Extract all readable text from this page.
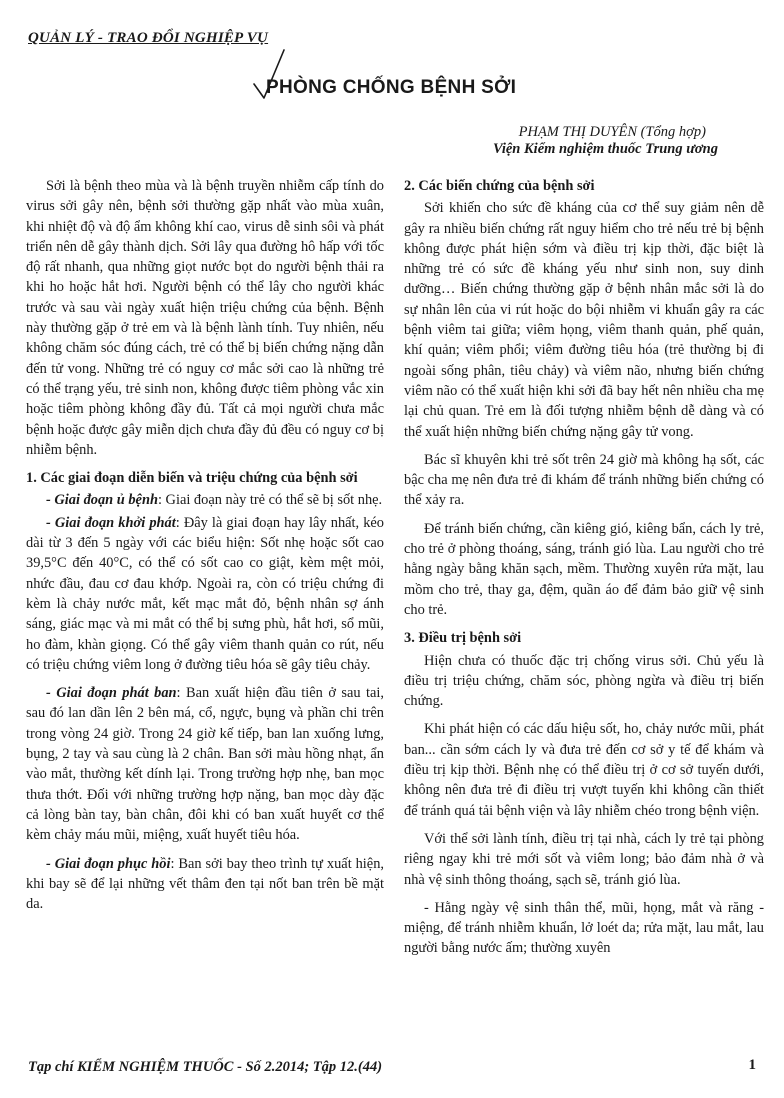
QUẢN LÝ - TRAO ĐỔI NGHIỆP VỤ
PHÒNG CHỐNG BỆNH SỞI
PHẠM THỊ DUYÊN (Tổng hợp)
Viện Kiểm nghiệm thuốc Trung ương

Sởi là bệnh theo mùa và là bệnh truyền nhiễm cấp tính do virus sởi gây nên, bệnh sởi thường gặp nhất vào mùa xuân, khi nhiệt độ và độ ẩm không khí cao, virus dễ sinh sôi và phát triển nên dễ gây thành dịch. Sởi lây qua đường hô hấp với tốc độ rất nhanh, qua những giọt nước bọt do người bệnh thải ra khi ho hoặc hắt hơi. Người bệnh có thể lây cho người khác trước và sau vài ngày xuất hiện triệu chứng của bệnh. Bệnh này thường gặp ở trẻ em và là bệnh lành tính. Tuy nhiên, nếu không chăm sóc đúng cách, trẻ có thể bị biến chứng nặng dẫn đến tử vong. Những trẻ có nguy cơ mắc sởi cao là những trẻ có thể trạng yếu, trẻ sinh non, không được tiêm phòng vắc xin hoặc tiêm phòng không đầy đủ. Tất cả mọi người chưa mắc bệnh hoặc được gây miễn dịch chưa đầy đủ đều có nguy cơ bị nhiễm bệnh.

1. Các giai đoạn diễn biến và triệu chứng của bệnh sởi

- Giai đoạn ủ bệnh: Giai đoạn này trẻ có thể sẽ bị sốt nhẹ.

- Giai đoạn khởi phát: Đây là giai đoạn hay lây nhất, kéo dài từ 3 đến 5 ngày với các biểu hiện: Sốt nhẹ hoặc sốt cao 39,5°C đến 40°C, có thể có sốt cao co giật, kèm mệt mỏi, nhức đầu, đau cơ đau khớp. Ngoài ra, còn có triệu chứng đi kèm là chảy nước mắt, kết mạc mắt đỏ, bệnh nhân sợ ánh sáng, giác mạc và mi mắt có thể bị sưng phù, hắt hơi, sổ mũi, ho đàm, khàn giọng. Có thể gây viêm thanh quản co rút, nếu có triệu chứng viêm long ở đường tiêu hóa sẽ gây tiêu chảy.

- Giai đoạn phát ban: Ban xuất hiện đầu tiên ở sau tai, sau đó lan dần lên 2 bên má, cổ, ngực, bụng và phần chi trên trong vòng 24 giờ. Trong 24 giờ kế tiếp, ban lan xuống lưng, bụng, 2 tay và sau cùng là 2 chân. Ban sởi màu hồng nhạt, ẩn vào mắt, thường kết dính lại. Trong trường hợp nhẹ, ban mọc thưa thớt. Đối với những trường hợp nặng, ban mọc dày đặc cả lòng bàn tay, bàn chân, đôi khi có ban xuất huyết cơ thể kèm chảy máu mũi, miệng, xuất huyết tiêu hóa.

- Giai đoạn phục hồi: Ban sởi bay theo trình tự xuất hiện, khi bay sẽ để lại những vết thâm đen tại nốt ban trên bề mặt da.

2. Các biến chứng của bệnh sởi

Sởi khiến cho sức đề kháng của cơ thể suy giảm nên dễ gây ra nhiều biến chứng rất nguy hiểm cho trẻ nếu trẻ bị bệnh không được phát hiện sớm và điều trị kịp thời, đặc biệt là những trẻ có sức đề kháng yếu như sinh non, suy dinh dưỡng… Biến chứng thường gặp ở bệnh nhân mắc sởi là do sự nhân lên của vi rút hoặc do bội nhiễm vi khuẩn gây ra các bệnh viêm tai giữa; viêm họng, viêm thanh quản, phế quản, khí quản; viêm phổi; viêm đường tiêu hóa (trẻ thường bị đi ngoài sống phân, tiêu chảy) và viêm não, nhưng biến chứng viêm não có thể xuất hiện khi sởi đã bay hết nên nhiều cha mẹ lại chủ quan. Trẻ em là đối tượng nhiễm bệnh dễ dàng và có thể xuất hiện những biến chứng nặng gây tử vong.

Bác sĩ khuyên khi trẻ sốt trên 24 giờ mà không hạ sốt, các bậc cha mẹ nên đưa trẻ đi khám để tránh những biến chứng có thể xảy ra.

Để tránh biến chứng, cần kiêng gió, kiêng bẩn, cách ly trẻ, cho trẻ ở phòng thoáng, sáng, tránh gió lùa. Lau người cho trẻ hằng ngày bằng khăn sạch, mềm. Thường xuyên rửa mặt, lau mồm cho trẻ, thay ga, đệm, quần áo để đảm bảo giữ vệ sinh cho trẻ.

3. Điều trị bệnh sởi

Hiện chưa có thuốc đặc trị chống virus sởi. Chủ yếu là điều trị triệu chứng, chăm sóc, phòng ngừa và điều trị biến chứng.

Khi phát hiện có các dấu hiệu sốt, ho, chảy nước mũi, phát ban... cần sớm cách ly và đưa trẻ đến cơ sở y tế để khám và điều trị kịp thời. Bệnh nhẹ có thể điều trị ở cơ sở tuyến dưới, không nên đưa trẻ đi điều trị vượt tuyến khi không cần thiết để tránh quá tải bệnh viện và lây nhiễm chéo trong bệnh viện.

Với thể sởi lành tính, điều trị tại nhà, cách ly trẻ tại phòng riêng ngay khi trẻ mới sốt và viêm long; bảo đảm nhà ở và nhà vệ sinh thông thoáng, sạch sẽ, tránh gió lùa.

- Hằng ngày vệ sinh thân thể, mũi, họng, mắt và răng - miệng, để tránh nhiễm khuẩn, lở loét da; rửa mặt, lau mắt, lau người bằng nước ấm; thường xuyên

Tạp chí KIỂM NGHIỆM THUỐC - Số 2.2014; Tập 12.(44)	1
